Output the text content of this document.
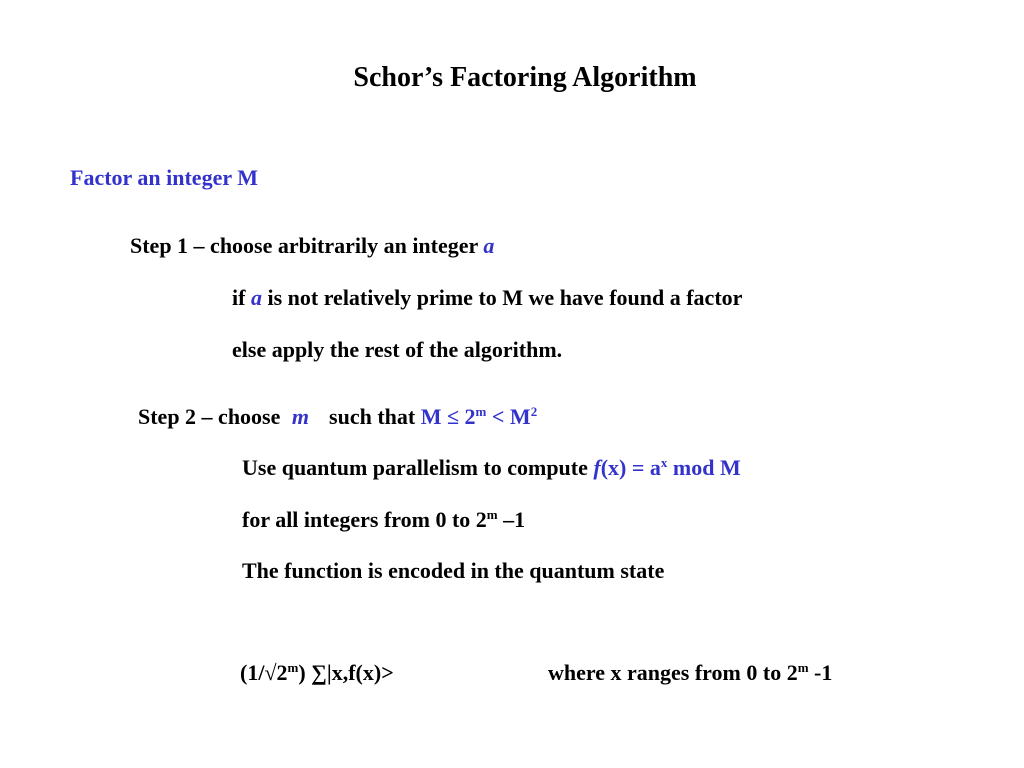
Schor’s Factoring Algorithm
Factor an integer M
Step 1 – choose arbitrarily an integer a
if a is not relatively prime to M we have found a factor
else apply the rest of the algorithm.
Step 2 – choose m such that $M \le 2^m < M^2$
Use quantum parallelism to compute $f(x) = a^x$ mod M
for all integers from 0 to 2$^m$ –1
The function is encoded in the quantum state
(1/√2$^m$) ∑|x,f(x)>	where x ranges from 0 to 2$^m$ -1
